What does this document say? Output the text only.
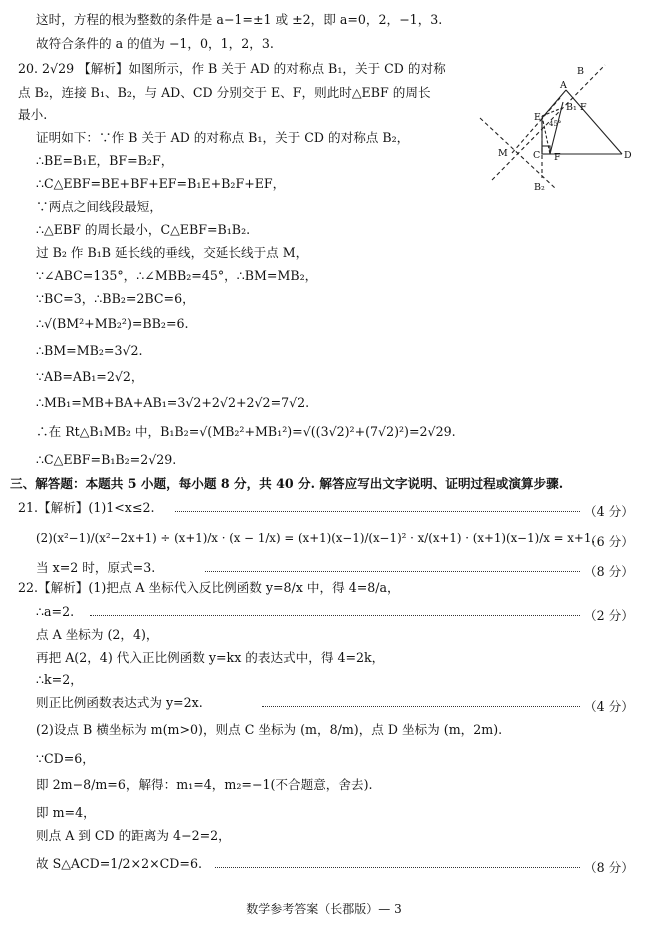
这时，方程的根为整数的条件是 a−1=±1 或 ±2，即 a=0，2，−1，3.
故符合条件的 a 的值为 −1，0，1，2，3.
20. 2√29 【解析】如图所示，作 B 关于 AD 的对称点 B₁，关于 CD 的对称
点 B₂，连接 B₁、B₂，与 AD、CD 分别交于 E、F，则此时△EBF 的周长
最小.
证明如下：∵作 B 关于 AD 的对称点 B₁，关于 CD 的对称点 B₂，
∴BE=B₁E，BF=B₂F，
∴C△EBF=BE+BF+EF=B₁E+B₂F+EF，
∵两点之间线段最短，
∴△EBF 的周长最小，C△EBF=B₁B₂.
过 B₂ 作 B₁B 延长线的垂线，交延长线于点 M，
∵∠ABC=135°，∴∠MBB₂=45°，∴BM=MB₂，
∵BC=3，∴BB₂=2BC=6，
∴√(BM²+MB₂²)=BB₂=6.
∴BM=MB₂=3√2.
∵AB=AB₁=2√2，
∴MB₁=MB+BA+AB₁=3√2+2√2+2√2=7√2.
∴在 Rt△B₁MB₂ 中，B₁B₂=√(MB₂²+MB₁²)=√((3√2)²+(7√2)²)=2√29.
∴C△EBF=B₁B₂=2√29.
三、解答题：本题共 5 小题，每小题 8 分，共 40 分. 解答应写出文字说明、证明过程或演算步骤.
21.【解析】(1)1<x≤2.	（4 分）
(2)(x²−1)/(x²−2x+1) ÷ (x+1)/x · (x − 1/x) = (x+1)(x−1)/(x−1)² · x/(x+1) · (x+1)(x−1)/x = x+1，
（6 分）
当 x=2 时，原式=3.	（8 分）
22.【解析】(1)把点 A 坐标代入反比例函数 y=8/x 中，得 4=8/a，
∴a=2.	（2 分）
点 A 坐标为 (2，4)，
再把 A(2，4) 代入正比例函数 y=kx 的表达式中，得 4=2k，
∴k=2，
则正比例函数表达式为 y=2x.	（4 分）
(2)设点 B 横坐标为 m(m>0)，则点 C 坐标为 (m，8/m)，点 D 坐标为 (m，2m).
∵CD=6，
即 2m−8/m=6，解得：m₁=4，m₂=−1(不合题意，舍去).
即 m=4，
则点 A 到 CD 的距离为 4−2=2，
故 S△ACD=1/2×2×CD=6.	（8 分）
数学参考答案（长郡版）— 3
B
A
F
B₁
E
45°
M	C F	D
B₂
